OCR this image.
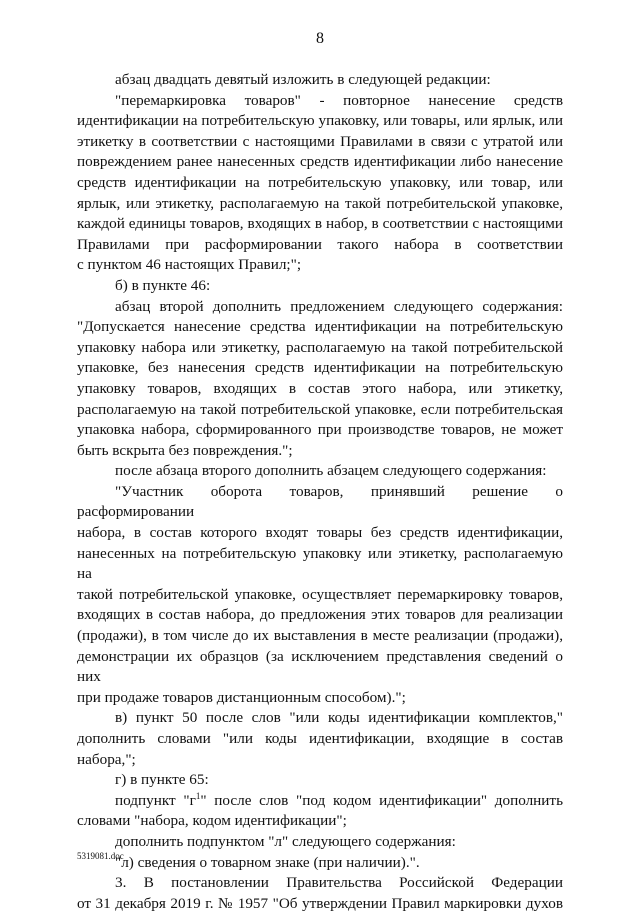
8

абзац двадцать девятый изложить в следующей редакции:

"перемаркировка товаров" - повторное нанесение средств
идентификации на потребительскую упаковку, или товары, или ярлык, или
этикетку в соответствии с настоящими Правилами в связи с утратой или
повреждением ранее нанесенных средств идентификации либо нанесение
средств идентификации на потребительскую упаковку, или товар, или
ярлык, или этикетку, располагаемую на такой потребительской упаковке,
каждой единицы товаров, входящих в набор, в соответствии с настоящими
Правилами при расформировании такого набора в соответствии
с пунктом 46 настоящих Правил;";

б) в пункте 46:

абзац второй дополнить предложением следующего содержания:
"Допускается нанесение средства идентификации на потребительскую
упаковку набора или этикетку, располагаемую на такой потребительской
упаковке, без нанесения средств идентификации на потребительскую
упаковку товаров, входящих в состав этого набора, или этикетку,
располагаемую на такой потребительской упаковке, если потребительская
упаковка набора, сформированного при производстве товаров, не может
быть вскрыта без повреждения.";

после абзаца второго дополнить абзацем следующего содержания:

"Участник оборота товаров, принявший решение о расформировании
набора, в состав которого входят товары без средств идентификации,
нанесенных на потребительскую упаковку или этикетку, располагаемую на
такой потребительской упаковке, осуществляет перемаркировку товаров,
входящих в состав набора, до предложения этих товаров для реализации
(продажи), в том числе до их выставления в месте реализации (продажи),
демонстрации их образцов (за исключением представления сведений о них
при продаже товаров дистанционным способом).";
в) пункт 50 после слов "или коды идентификации комплектов,"
дополнить словами "или коды идентификации, входящие в состав
набора,";

г) в пункте 65:

подпункт "$г^1$" после слов "под кодом идентификации" дополнить
словами "набора, кодом идентификации";

дополнить подпунктом "л" следующего содержания:

"л) сведения о товарном знаке (при наличии).".

3. В постановлении Правительства Российской Федерации
от 31 декабря 2019 г. № 1957 "Об утверждении Правил маркировки духов
5319081.doc
